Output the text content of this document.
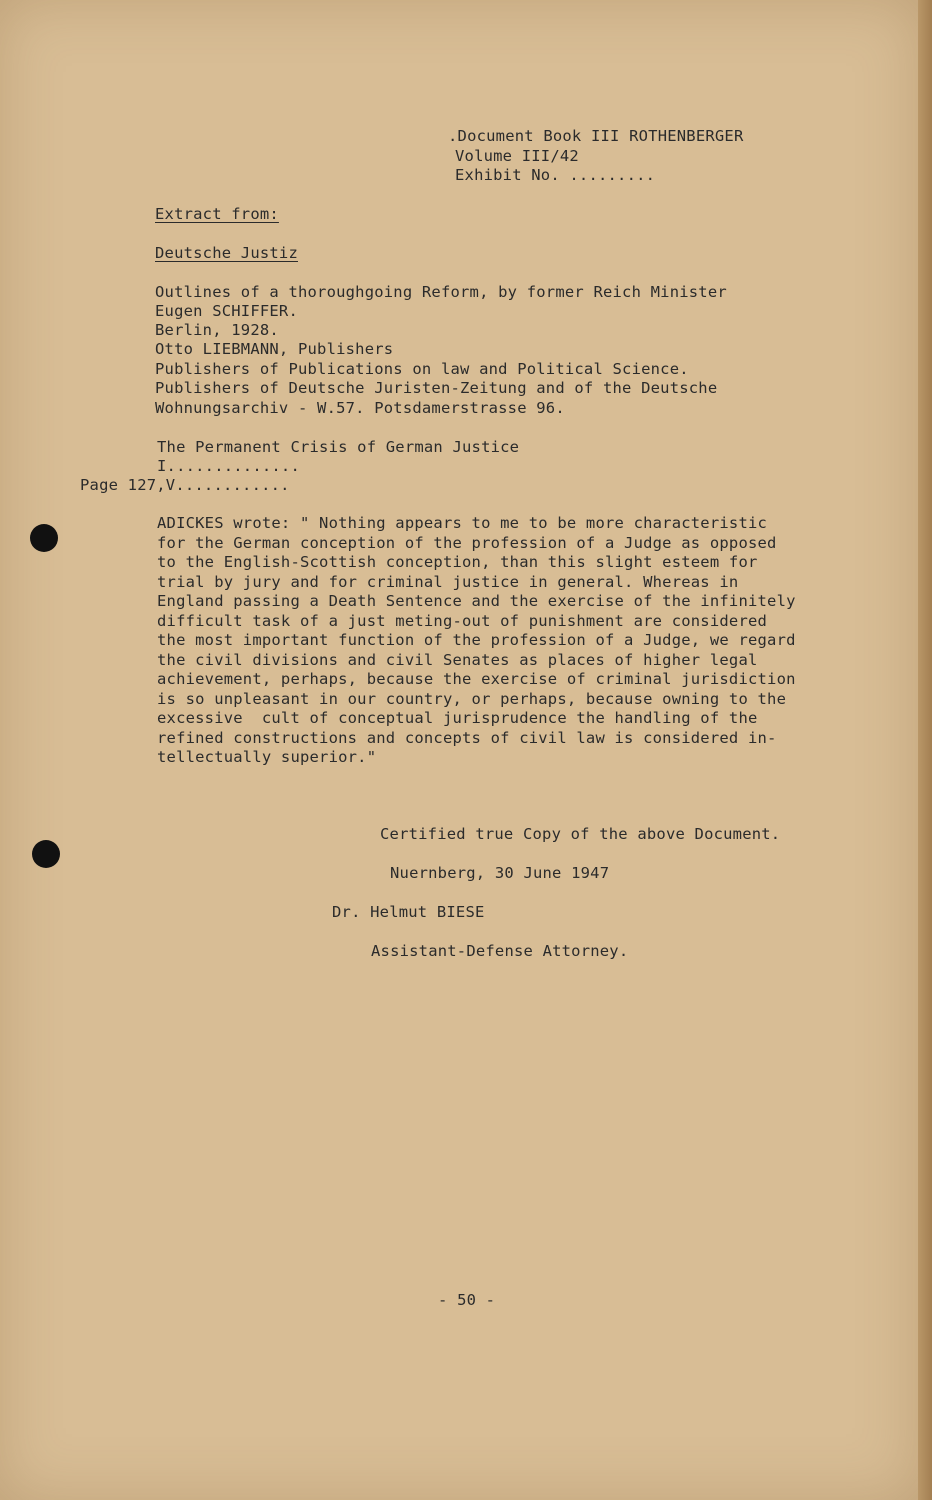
.Document Book III ROTHENBERGER
Volume III/42
Exhibit No. .........
Extract from:
Deutsche Justiz
Outlines of a thoroughgoing Reform, by former Reich Minister
Eugen SCHIFFER.
Berlin, 1928.
Otto LIEBMANN, Publishers
Publishers of Publications on law and Political Science.
Publishers of Deutsche Juristen-Zeitung and of the Deutsche
Wohnungsarchiv - W.57. Potsdamerstrasse 96.
The Permanent Crisis of German Justice
I..............
Page 127,V............
ADICKES wrote: " Nothing appears to me to be more characteristic
for the German conception of the profession of a Judge as opposed
to the English-Scottish conception, than this slight esteem for
trial by jury and for criminal justice in general. Whereas in
England passing a Death Sentence and the exercise of the infinitely
difficult task of a just meting-out of punishment are considered
the most important function of the profession of a Judge, we regard
the civil divisions and civil Senates as places of higher legal
achievement, perhaps, because the exercise of criminal jurisdiction
is so unpleasant in our country, or perhaps, because owning to the
excessive  cult of conceptual jurisprudence the handling of the
refined constructions and concepts of civil law is considered in-
tellectually superior."
Certified true Copy of the above Document.
Nuernberg, 30 June 1947
Dr. Helmut BIESE
Assistant-Defense Attorney.
- 50 -
